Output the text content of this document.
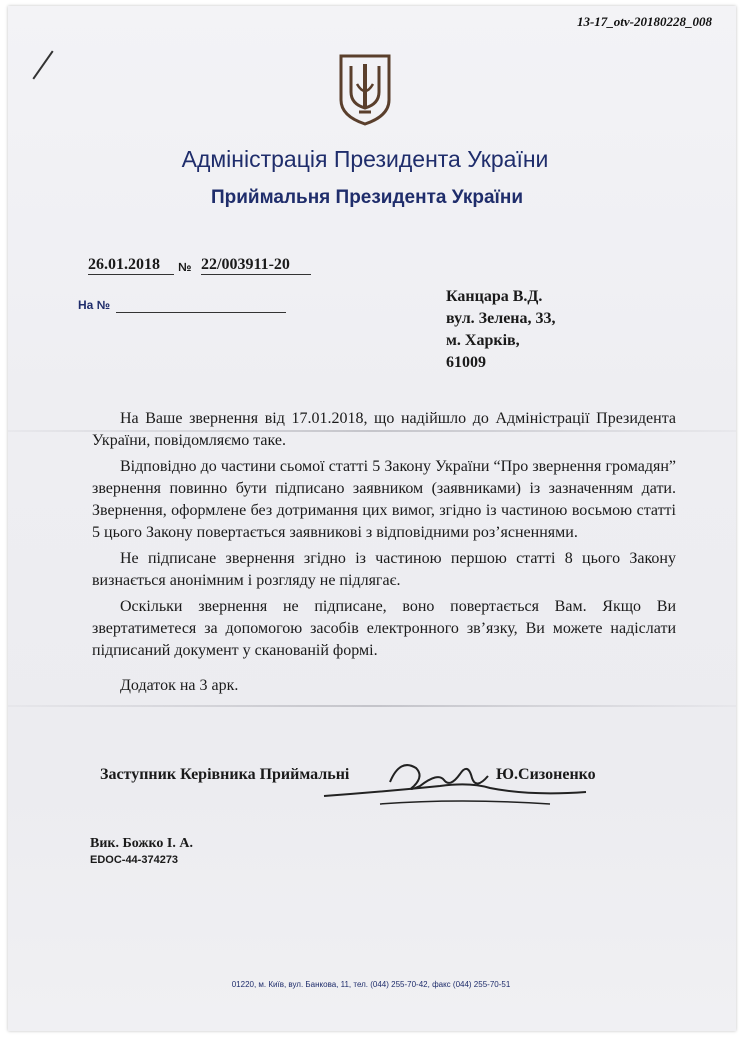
13-17_otv-20180228_008
Адміністрація Президента України
Приймальня Президента України
26.01.2018	№ 22/003911-20
На №	Канцара В.Д.
вул. Зелена, 33,
м. Харків,
61009

На Ваше звернення від 17.01.2018, що надійшло до Адміністрації Президента України, повідомляємо таке.

Відповідно до частини сьомої статті 5 Закону України “Про звернення громадян” звернення повинно бути підписано заявником (заявниками) із зазначенням дати. Звернення, оформлене без дотримання цих вимог, згідно із частиною восьмою статті 5 цього Закону повертається заявникові з відповідними роз’ясненнями.

Не підписане звернення згідно із частиною першою статті 8 цього Закону визнається анонімним і розгляду не підлягає.

Оскільки звернення не підписане, воно повертається Вам. Якщо Ви звертатиметеся за допомогою засобів електронного зв’язку, Ви можете надіслати підписаний документ у сканованій формі.

Додаток на 3 арк.
Заступник Керівника Приймальні	Ю.Сизоненко
Вик. Божко І. А.
EDOC-44-374273
01220, м. Київ, вул. Банкова, 11, тел. (044) 255-70-42, факс (044) 255-70-51
